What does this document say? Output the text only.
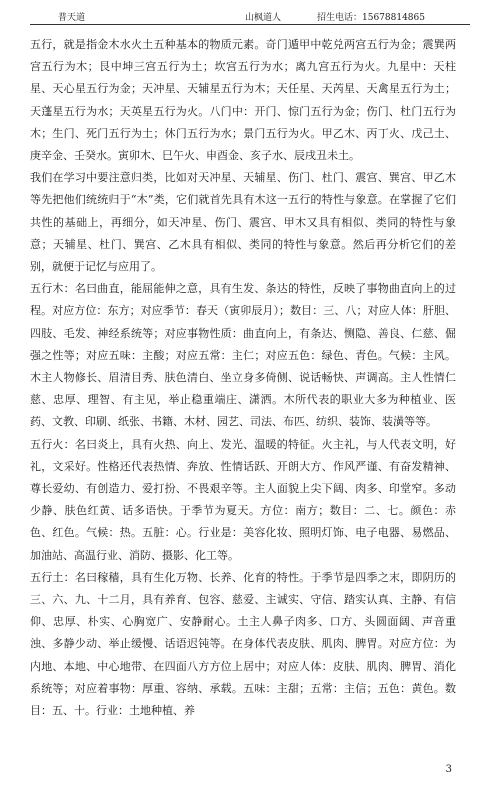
普天道	山枫道人	招生电话：15678814865

五行，就是指金木水火土五种基本的物质元素。奇门遁甲中乾兑两宫五行为金；震巽两宫五行为木；艮中坤三宫五行为土；坎宫五行为水；离九宫五行为火。九星中：天柱星、天心星五行为金；天冲星、天辅星五行为木；天任星、天芮星、天禽星五行为土；天蓬星五行为水；天英星五行为火。八门中：开门、惊门五行为金；伤门、杜门五行为木；生门、死门五行为土；休门五行为水；景门五行为火。甲乙木、丙丁火、戊己土、庚辛金、壬癸水。寅卯木、巳午火、申酉金、亥子水、辰戌丑未土。

我们在学习中要注意归类，比如对天冲星、天辅星、伤门、杜门、震宫、巽宫、甲乙木等先把他们统统归于“木”类，它们就首先具有木这一五行的特性与象意。在掌握了它们共性的基础上，再细分，如天冲星、伤门、震宫、甲木又具有相似、类同的特性与象意；天辅星、杜门、巽宫、乙木具有相似、类同的特性与象意。然后再分析它们的差别，就便于记忆与应用了。

五行木：名曰曲直，能屈能伸之意，具有生发、条达的特性，反映了事物曲直向上的过程。对应方位：东方；对应季节：春天（寅卯辰月）；数目：三、八；对应人体：肝胆、四肢、毛发、神经系统等；对应事物性质：曲直向上，有条达、恻隐、善良、仁慈、倔强之性等；对应五味：主酸；对应五常：主仁；对应五色：绿色、青色。气候：主风。木主人物修长、眉清目秀、肤色清白、坐立身多倚侧、说话畅快、声调高。主人性情仁慈、忠厚、理智、有主见，举止稳重端庄、潇洒。木所代表的职业大多为种植业、医药、文教、印刷、纸张、书籍、木材、园艺、司法、布匹、纺织、装饰、装潢等等。

五行火：名曰炎上，具有火热、向上、发光、温暖的特征。火主礼，与人代表文明，好礼，文采好。性格还代表热情、奔放、性情话跃、开朗大方、作风严谨、有奋发精神、尊长爱幼、有创造力、爱打扮、不畏艰辛等。主人面貌上尖下阔、肉多、印堂窄。多动少静、肤色红黄、话多语快。于季节为夏天。方位：南方；数目：二、七。颜色：赤色、红色。气候：热。五脏：心。行业是：美容化妆、照明灯饰、电子电器、易燃品、加油站、高温行业、消防、摄影、化工等。

五行土：名曰稼穑，具有生化万物、长养、化育的特性。于季节是四季之末，即阴历的三、六、九、十二月，具有养育、包容、慈爱、主诚实、守信、踏实认真、主静、有信仰、忠厚、朴实、心胸宽广、安静耐心。土主人鼻子肉多、口方、头圆面阔、声音重浊、多静少动、举止缓慢、话语迟钝等。在身体代表皮肤、肌肉、脾胃。对应方位：为内地、本地、中心地带、在四面八方方位上居中；对应人体：皮肤、肌肉、脾胃、消化系统等；对应着事物：厚重、容纳、承载。五味：主甜；五常：主信；五色：黄色。数目：五、十。行业：土地种植、养

3
